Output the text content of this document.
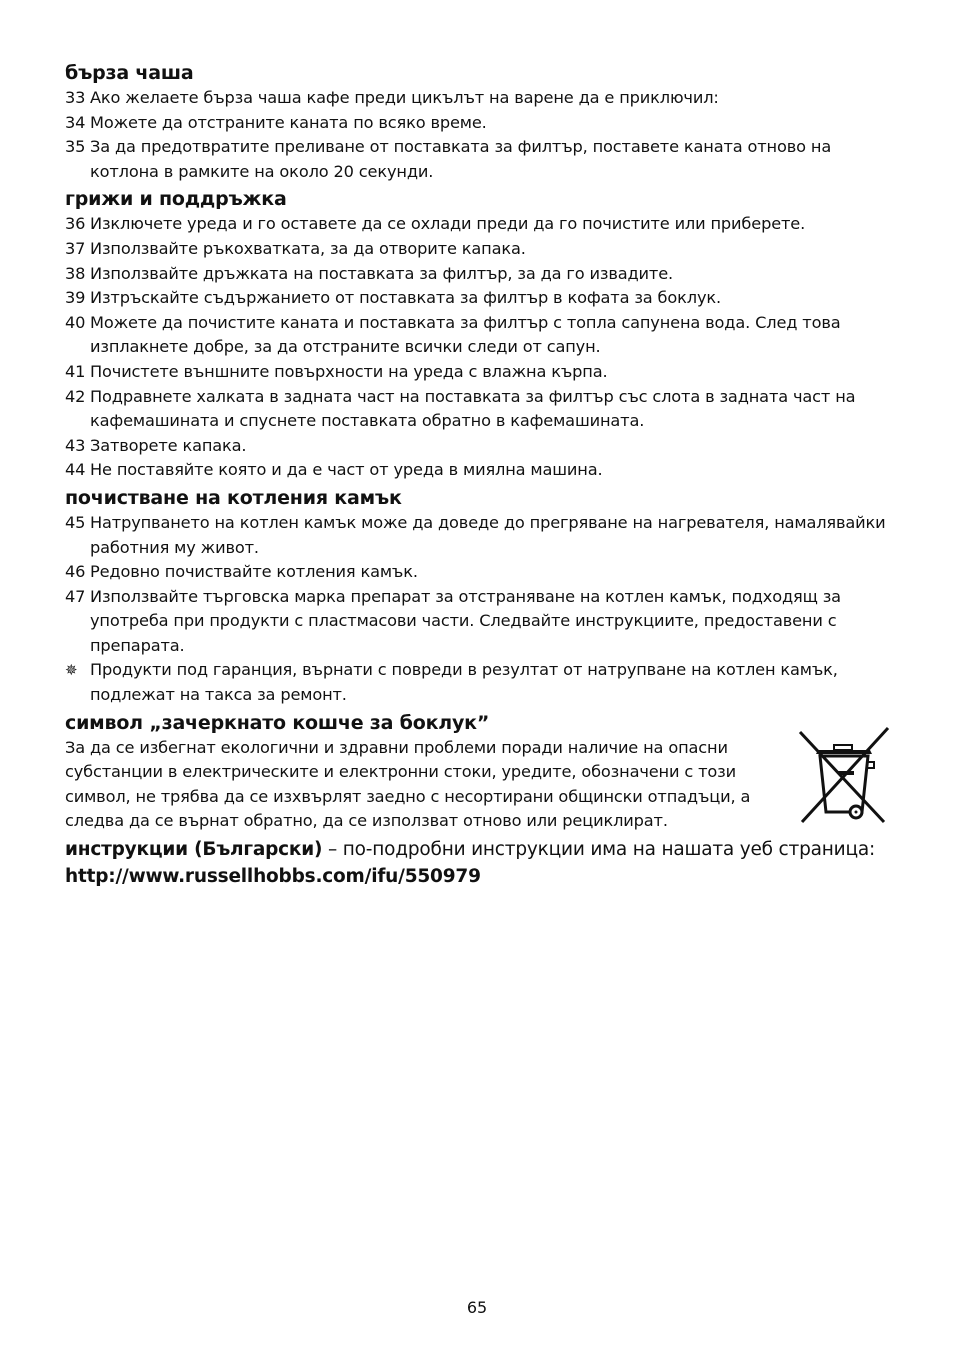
бърза чаша
33 Ако желаете бърза чаша кафе преди цикълът на варене да е приключил:
34 Можете да отстраните каната по всяко време.
35 За да предотвратите преливане от поставката за филтър, поставете каната отново на котлона в рамките на около 20 секунди.
грижи и поддръжка
36 Изключете уреда и го оставете да се охлади преди да го почистите или приберете.
37 Използвайте ръкохватката, за да отворите капака.
38 Използвайте дръжката на поставката за филтър, за да го извадите.
39 Изтръскайте съдържанието от поставката за филтър в кофата за боклук.
40 Можете да почистите каната и поставката за филтър с топла сапунена вода. След това изплакнете добре, за да отстраните всички следи от сапун.
41 Почистете външните повърхности на уреда с влажна кърпа.
42 Подравнете халката в задната част на поставката за филтър със слота в задната част на кафемашината и спуснете поставката обратно в кафемашината.
43 Затворете капака.
44 Не поставяйте която и да е част от уреда в миялна машина.
почистване на котления камък
45 Натрупването на котлен камък може да доведе до прегряване на нагревателя, намалявайки работния му живот.
46 Редовно почиствайте котления камък.
47 Използвайте търговска марка препарат за отстраняване на котлен камък, подходящ за употреба при продукти с пластмасови части. Следвайте инструкциите, предоставени с препарата.
✵ Продукти под гаранция, върнати с повреди в резултат от натрупване на котлен камък, подлежат на такса за ремонт.
символ „зачеркнато кошче за боклук”
За да се избегнат екологични и здравни проблеми поради наличие на опасни субстанции в електрическите и електронни стоки, уредите, обозначени с този символ, не трябва да се изхвърлят заедно с несортирани общински отпадъци, а следва да се върнат обратно, да се използват отново или рециклират.
инструкции (Български) – по-подробни инструкции има на нашата уеб страница:
http://www.russellhobbs.com/ifu/550979
65
